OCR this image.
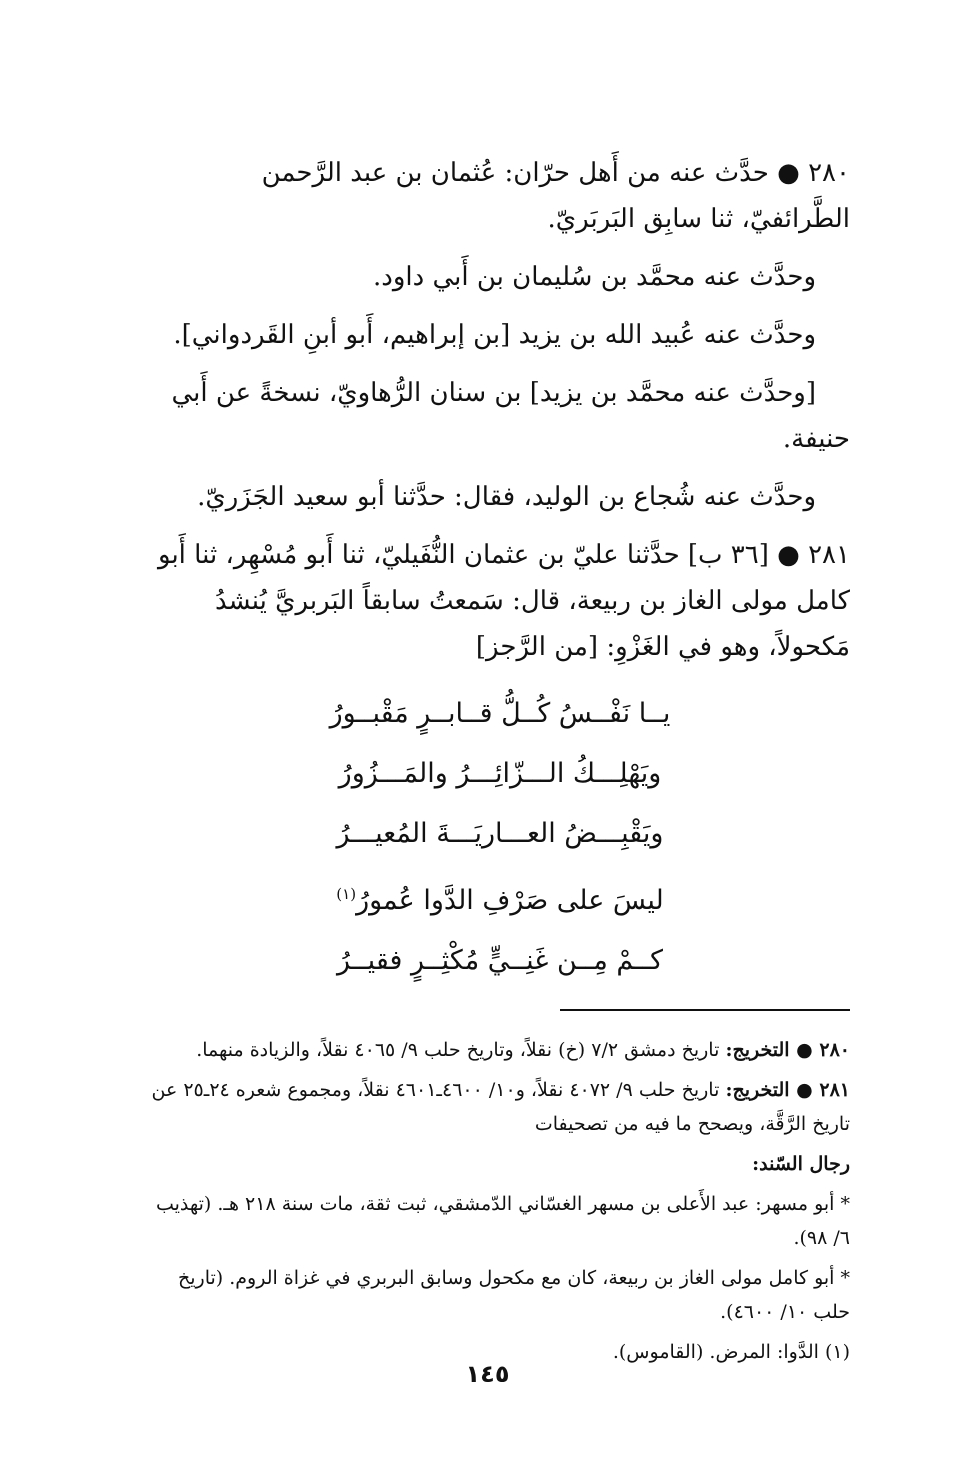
٢٨٠ ● حدَّث عنه من أَهل حرّان: عُثمان بن عبد الرَّحمن الطَّرائفيّ، ثنا سابِق البَربَريّ.

وحدَّث عنه محمَّد بن سُليمان بن أَبي داود.

وحدَّث عنه عُبيد الله بن يزيد [بن إبراهيم، أَبو أبنِ القَردواني].

[وحدَّث عنه محمَّد بن يزيد] بن سنان الرُّهاويّ، نسخةً عن أَبي حنيفة.

وحدَّث عنه شُجاع بن الوليد، فقال: حدَّثنا أبو سعيد الجَزَريّ.

٢٨١ ● [٣٦ ب] حدَّثنا عليّ بن عثمان النُّفَيليّ، ثنا أَبو مُسْهِر، ثنا أَبو كامل مولى الغاز بن ربيعة، قال: سَمعتُ سابقاً البَربريَّ يُنشدُ مَكحولاً، وهو في الغَزْوِ: [من الرَّجز]

يــا نَفْــسُ كُــلُّ قــابــرٍ مَقْبــورُ
ويَهْلِـــكُ الـــزّائِـــرُ والمَـــزُورُ
ويَقْبِـــضُ العـــاريَـــةَ المُعيـــرُ
ليسَ على صَرْفِ الدَّوا عُمورُ$^{(١)}$
كــمْ مِــن غَنِــيٍّ مُكْثِــرٍ فقيــرُ

٢٨٠ ● التخريج: تاريخ دمشق ٧/٢ (خ) نقلاً، وتاريخ حلب ٩/ ٤٠٦٥ نقلاً، والزيادة منهما.

٢٨١ ● التخريج: تاريخ حلب ٩/ ٤٠٧٢ نقلاً، و١٠/ ٤٦٠٠ـ٤٦٠١ نقلاً، ومجموع شعره ٢٤ـ٢٥ عن تاريخ الرَّقَّة، ويصحح ما فيه من تصحيفات

رجال السّند:

* أبو مسهر: عبد الأَعلى بن مسهر الغسّاني الدّمشقي، ثبت ثقة، مات سنة ٢١٨ هـ. (تهذيب ٦/ ٩٨).

* أبو كامل مولى الغاز بن ربيعة، كان مع مكحول وسابق البربري في غزاة الروم. (تاريخ حلب ١٠/ ٤٦٠٠).

(١) الدَّوا: المرض. (القاموس).

١٤٥
